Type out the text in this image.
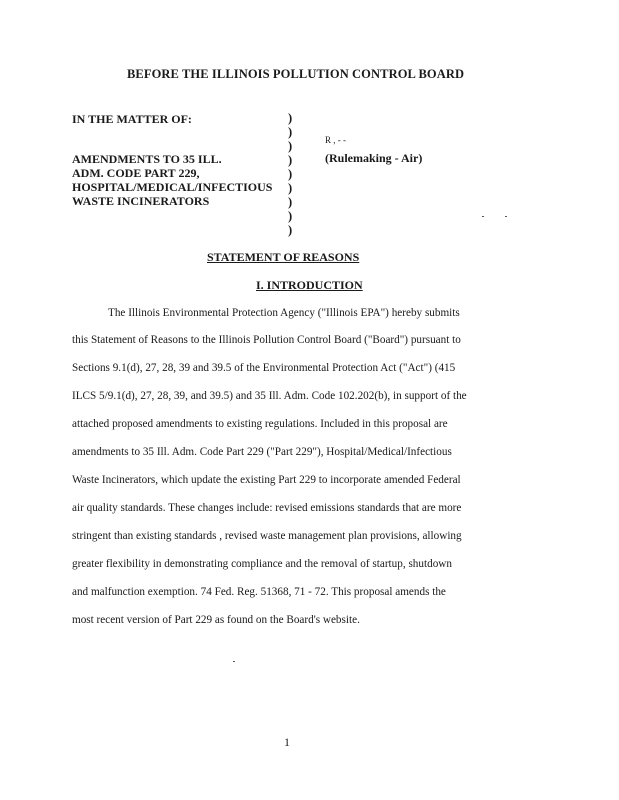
BEFORE THE ILLINOIS POLLUTION CONTROL BOARD
IN THE MATTER OF:
AMENDMENTS TO 35 ILL.
ADM. CODE PART 229,
HOSPITAL/MEDICAL/INFECTIOUS
WASTE INCINERATORS
)
)
)
)
)
)
)
)
)
R , - -
(Rulemaking - Air)
STATEMENT OF REASONS
I. INTRODUCTION
The Illinois Environmental Protection Agency ("Illinois EPA") hereby submits
this Statement of Reasons to the Illinois Pollution Control Board ("Board") pursuant to
Sections 9.1(d), 27, 28, 39 and 39.5 of the Environmental Protection Act ("Act") (415
ILCS 5/9.1(d), 27, 28, 39, and 39.5) and 35 Ill. Adm. Code 102.202(b), in support of the
attached proposed amendments to existing regulations. Included in this proposal are
amendments to 35 Ill. Adm. Code Part 229 ("Part 229"), Hospital/Medical/Infectious
Waste Incinerators, which update the existing Part 229 to incorporate amended Federal
air quality standards. These changes include: revised emissions standards that are more
stringent than existing standards , revised waste management plan provisions, allowing
greater flexibility in demonstrating compliance and the removal of startup, shutdown
and malfunction exemption. 74 Fed. Reg. 51368, 71 - 72. This proposal amends the
most recent version of Part 229 as found on the Board's website.
1
